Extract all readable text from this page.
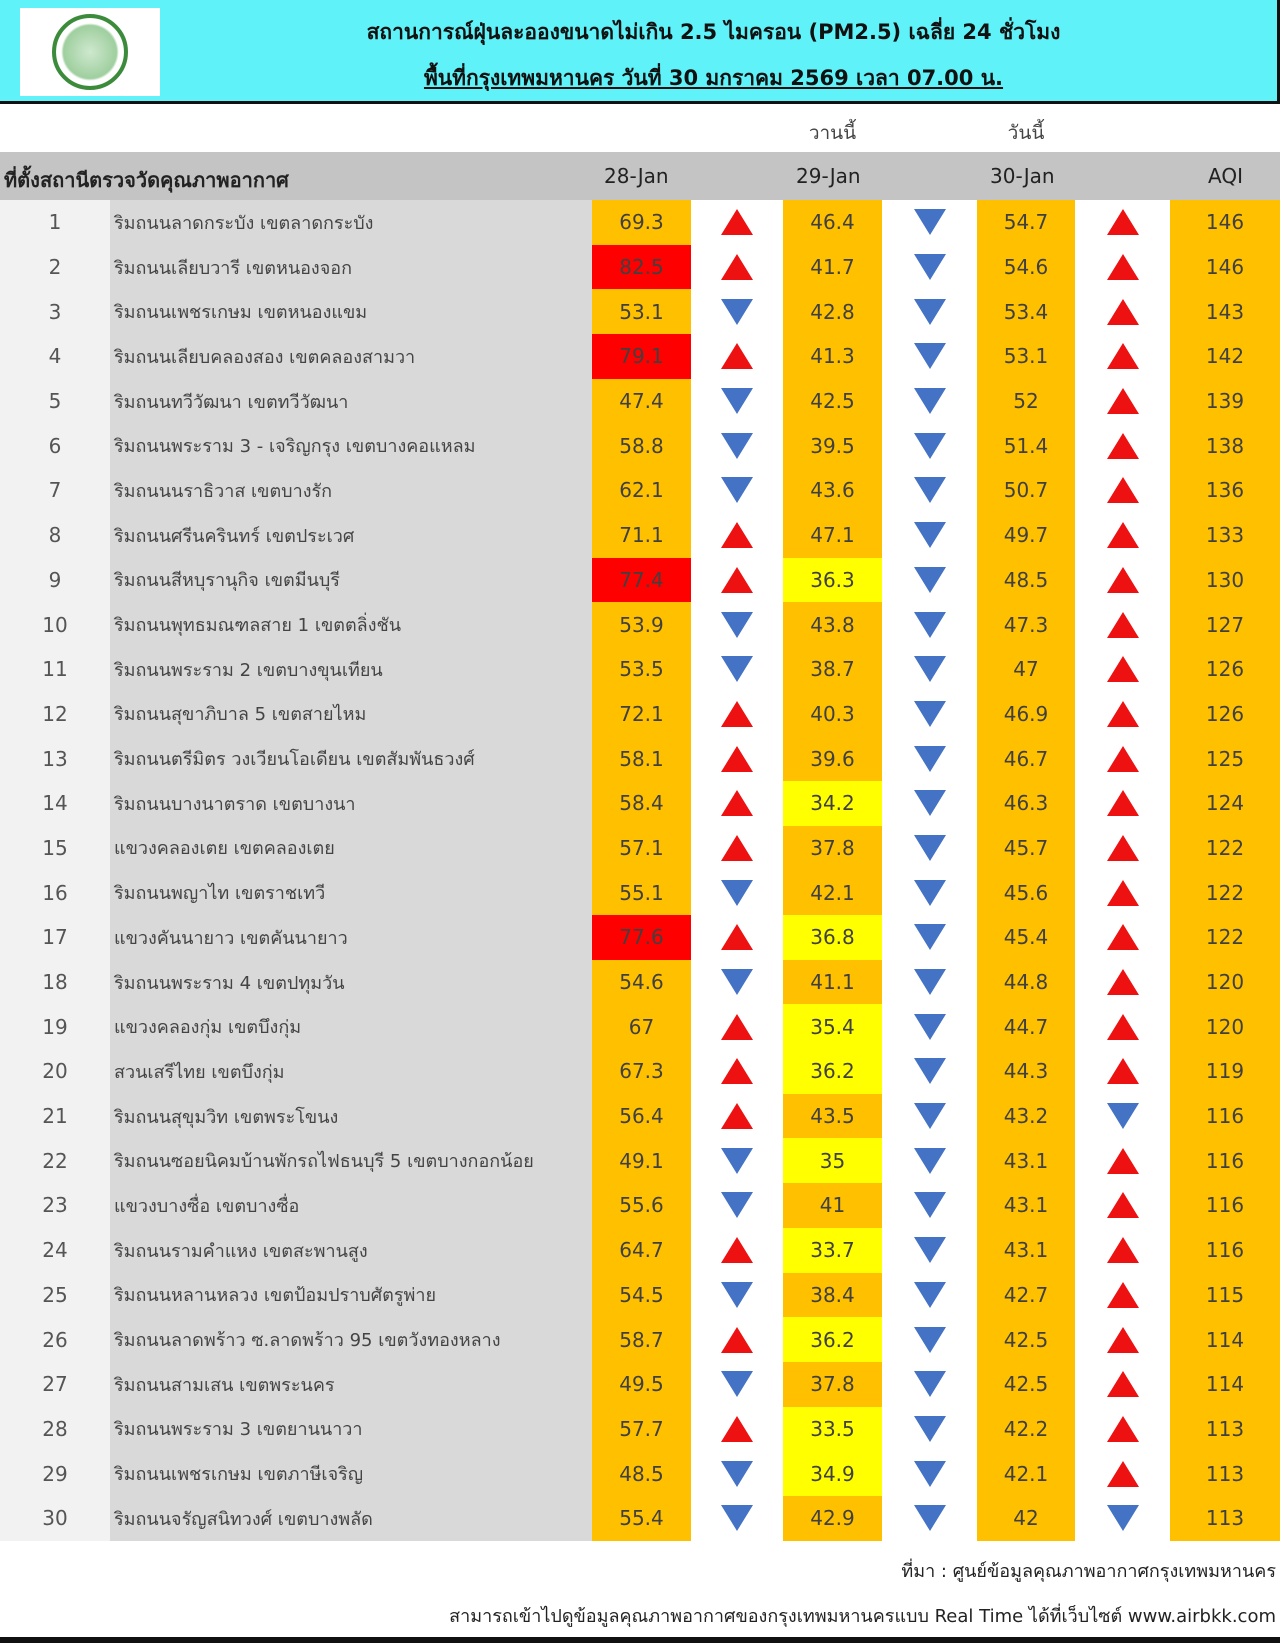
สถานการณ์ฝุ่นละอองขนาดไม่เกิน 2.5 ไมครอน (PM2.5) เฉลี่ย 24 ชั่วโมง
พื้นที่กรุงเทพมหานคร วันที่ 30 มกราคม 2569 เวลา 07.00 น.
วานนี้	วันนี้
ที่ตั้งสถานีตรวจวัดคุณภาพอากาศ	28-Jan	29-Jan	30-Jan	AQI
1	ริมถนนลาดกระบัง เขตลาดกระบัง	69.3	46.4	54.7	146
2	ริมถนนเลียบวารี เขตหนองจอก	82.5	41.7	54.6	146
3	ริมถนนเพชรเกษม เขตหนองแขม	53.1	42.8	53.4	143
4	ริมถนนเลียบคลองสอง เขตคลองสามวา	79.1	41.3	53.1	142
5	ริมถนนทวีวัฒนา เขตทวีวัฒนา	47.4	42.5	52	139
6	ริมถนนพระราม 3 - เจริญกรุง เขตบางคอแหลม	58.8	39.5	51.4	138
7	ริมถนนนราธิวาส เขตบางรัก	62.1	43.6	50.7	136
8	ริมถนนศรีนครินทร์ เขตประเวศ	71.1	47.1	49.7	133
9	ริมถนนสีหบุรานุกิจ เขตมีนบุรี	77.4	36.3	48.5	130
10	ริมถนนพุทธมณฑลสาย 1 เขตตลิ่งชัน	53.9	43.8	47.3	127
11	ริมถนนพระราม 2 เขตบางขุนเทียน	53.5	38.7	47	126
12	ริมถนนสุขาภิบาล 5 เขตสายไหม	72.1	40.3	46.9	126
13	ริมถนนตรีมิตร วงเวียนโอเดียน เขตสัมพันธวงศ์	58.1	39.6	46.7	125
14	ริมถนนบางนาตราด เขตบางนา	58.4	34.2	46.3	124
15	แขวงคลองเตย เขตคลองเตย	57.1	37.8	45.7	122
16	ริมถนนพญาไท เขตราชเทวี	55.1	42.1	45.6	122
17	แขวงคันนายาว เขตคันนายาว	77.6	36.8	45.4	122
18	ริมถนนพระราม 4 เขตปทุมวัน	54.6	41.1	44.8	120
19	แขวงคลองกุ่ม เขตบึงกุ่ม	67	35.4	44.7	120
20	สวนเสรีไทย เขตบึงกุ่ม	67.3	36.2	44.3	119
21	ริมถนนสุขุมวิท เขตพระโขนง	56.4	43.5	43.2	116
22	ริมถนนซอยนิคมบ้านพักรถไฟธนบุรี 5 เขตบางกอกน้อย	49.1	35	43.1	116
23	แขวงบางซื่อ เขตบางซื่อ	55.6	41	43.1	116
24	ริมถนนรามคำแหง เขตสะพานสูง	64.7	33.7	43.1	116
25	ริมถนนหลานหลวง เขตป้อมปราบศัตรูพ่าย	54.5	38.4	42.7	115
26	ริมถนนลาดพร้าว ซ.ลาดพร้าว 95 เขตวังทองหลาง	58.7	36.2	42.5	114
27	ริมถนนสามเสน เขตพระนคร	49.5	37.8	42.5	114
28	ริมถนนพระราม 3 เขตยานนาวา	57.7	33.5	42.2	113
29	ริมถนนเพชรเกษม เขตภาษีเจริญ	48.5	34.9	42.1	113
30	ริมถนนจรัญสนิทวงศ์ เขตบางพลัด	55.4	42.9	42	113
ที่มา : ศูนย์ข้อมูลคุณภาพอากาศกรุงเทพมหานคร
สามารถเข้าไปดูข้อมูลคุณภาพอากาศของกรุงเทพมหานครแบบ Real Time ได้ที่เว็บไซต์ www.airbkk.com
